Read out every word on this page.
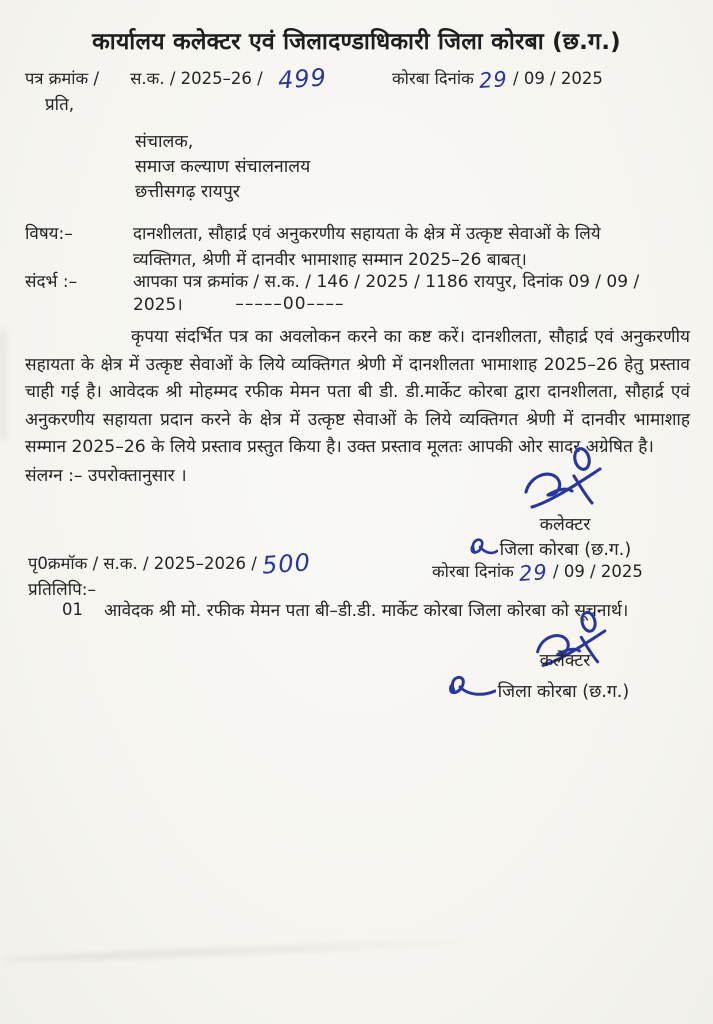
कार्यालय कलेक्टर एवं जिलादण्डाधिकारी जिला कोरबा (छ.ग.)
पत्र क्रमांक / स.क. / 2025–26 / 499	कोरबा दिनांक 29 / 09 / 2025
प्रति,
संचालक,
समाज कल्याण संचालनालय
छत्तीसगढ़ रायपुर
विषय:–	दानशीलता, सौहार्द्र एवं अनुकरणीय सहायता के क्षेत्र में उत्कृष्ट सेवाओं के लिये व्यक्तिगत, श्रेणी में दानवीर भामाशाह सम्मान 2025–26 बाबत्।
संदर्भ :–	आपका पत्र क्रमांक / स.क. / 146 / 2025 / 1186 रायपुर, दिनांक 09 / 09 / 2025।	–––––00––––

कृपया संदर्भित पत्र का अवलोकन करने का कष्ट करें। दानशीलता, सौहार्द्र एवं अनुकरणीय सहायता के क्षेत्र में उत्कृष्ट सेवाओं के लिये व्यक्तिगत श्रेणी में दानशीलता भामाशाह 2025–26 हेतु प्रस्ताव चाही गई है। आवेदक श्री मोहम्मद रफीक मेमन पता बी डी. डी.मार्केट कोरबा द्वारा दानशीलता, सौहार्द्र एवं अनुकरणीय सहायता प्रदान करने के क्षेत्र में उत्कृष्ट सेवाओं के लिये व्यक्तिगत श्रेणी में दानवीर भामाशाह सम्मान 2025–26 के लिये प्रस्ताव प्रस्तुत किया है। उक्त प्रस्ताव मूलतः आपकी ओर सादर अग्रेषित है।

संलग्न :– उपरोक्तानुसार ।
कलेक्टर
जिला कोरबा (छ.ग.)
कोरबा दिनांक 29 / 09 / 2025
पृ0क्रमॉक / स.क. / 2025–2026 / 500
प्रतिलिपि:–
01 आवेदक श्री मो. रफीक मेमन पता बी–डी.डी. मार्केट कोरबा जिला कोरबा को सूचनार्थ।
कलेक्टर
जिला कोरबा (छ.ग.)
